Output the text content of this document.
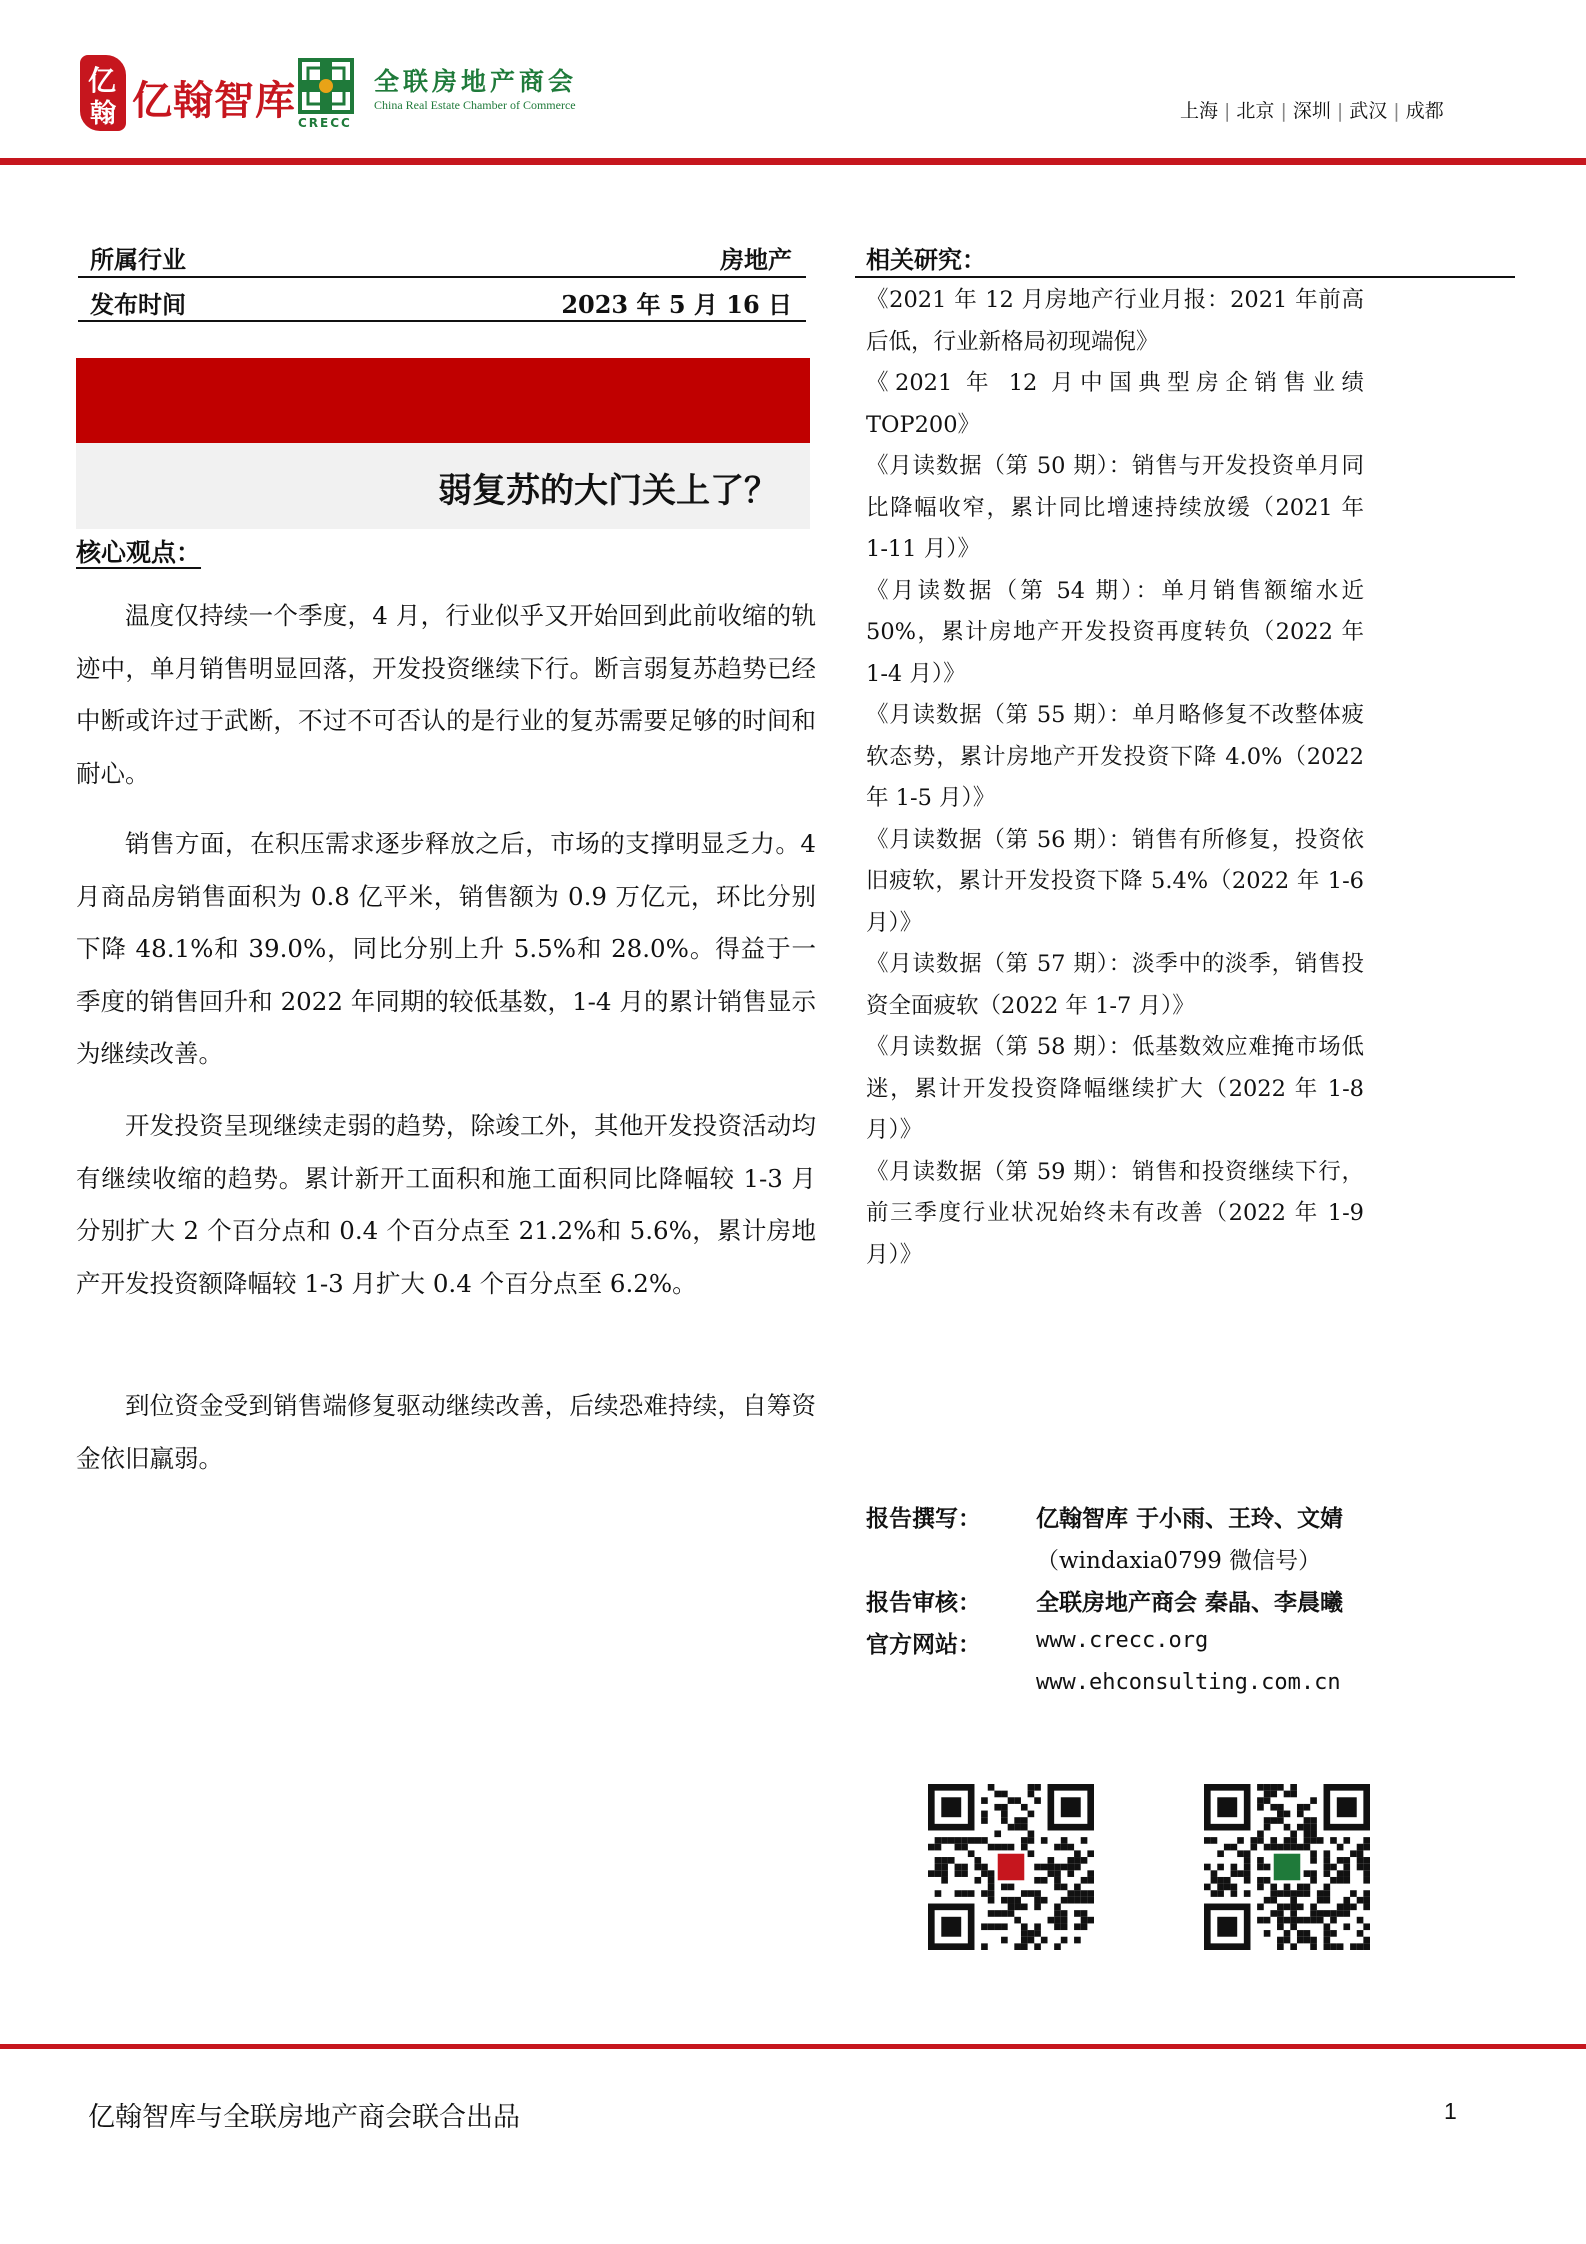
亿
翰 亿翰智库 CRECC
全联房地产商会
China Real Estate Chamber of Commerce	上海 | 北京 | 深圳 | 武汉 | 成都
所属行业	房地产
发布时间	2023 年 5 月 16 日
弱复苏的大门关上了？
核心观点：
温度仅持续一个季度，4 月，行业似乎又开始回到此前收缩的轨迹中，单月销售明显回落，开发投资继续下行。断言弱复苏趋势已经中断或许过于武断，不过不可否认的是行业的复苏需要足够的时间和耐心。
销售方面，在积压需求逐步释放之后，市场的支撑明显乏力。4 月商品房销售面积为 0.8 亿平米，销售额为 0.9 万亿元，环比分别下降 48.1%和 39.0%，同比分别上升 5.5%和 28.0%。得益于一季度的销售回升和 2022 年同期的较低基数，1-4 月的累计销售显示为继续改善。
开发投资呈现继续走弱的趋势，除竣工外，其他开发投资活动均有继续收缩的趋势。累计新开工面积和施工面积同比降幅较 1-3 月分别扩大 2 个百分点和 0.4 个百分点至 21.2%和 5.6%，累计房地产开发投资额降幅较 1-3 月扩大 0.4 个百分点至 6.2%。
到位资金受到销售端修复驱动继续改善，后续恐难持续，自筹资金依旧羸弱。
相关研究：
《2021 年 12 月房地产行业月报：2021 年前高后低，行业新格局初现端倪》
《2021 年 12 月中国典型房企销售业绩 TOP200》
《月读数据（第 50 期）：销售与开发投资单月同比降幅收窄，累计同比增速持续放缓（2021 年 1-11 月）》
《月读数据（第 54 期）：单月销售额缩水近 50%，累计房地产开发投资再度转负（2022 年 1-4 月）》
《月读数据（第 55 期）：单月略修复不改整体疲软态势，累计房地产开发投资下降 4.0%（2022 年 1-5 月）》
《月读数据（第 56 期）：销售有所修复，投资依旧疲软，累计开发投资下降 5.4%（2022 年 1-6 月）》
《月读数据（第 57 期）：淡季中的淡季，销售投资全面疲软（2022 年 1-7 月）》
《月读数据（第 58 期）：低基数效应难掩市场低迷，累计开发投资降幅继续扩大（2022 年 1-8 月）》
《月读数据（第 59 期）：销售和投资继续下行，前三季度行业状况始终未有改善（2022 年 1-9 月）》
报告撰写： 亿翰智库 于小雨、王玲、文婧
（windaxia0799 微信号）
报告审核： 全联房地产商会 秦晶、李晨曦
官方网站：	www.crecc.org
www.ehconsulting.com.cn
亿翰智库与全联房地产商会联合出品	1
